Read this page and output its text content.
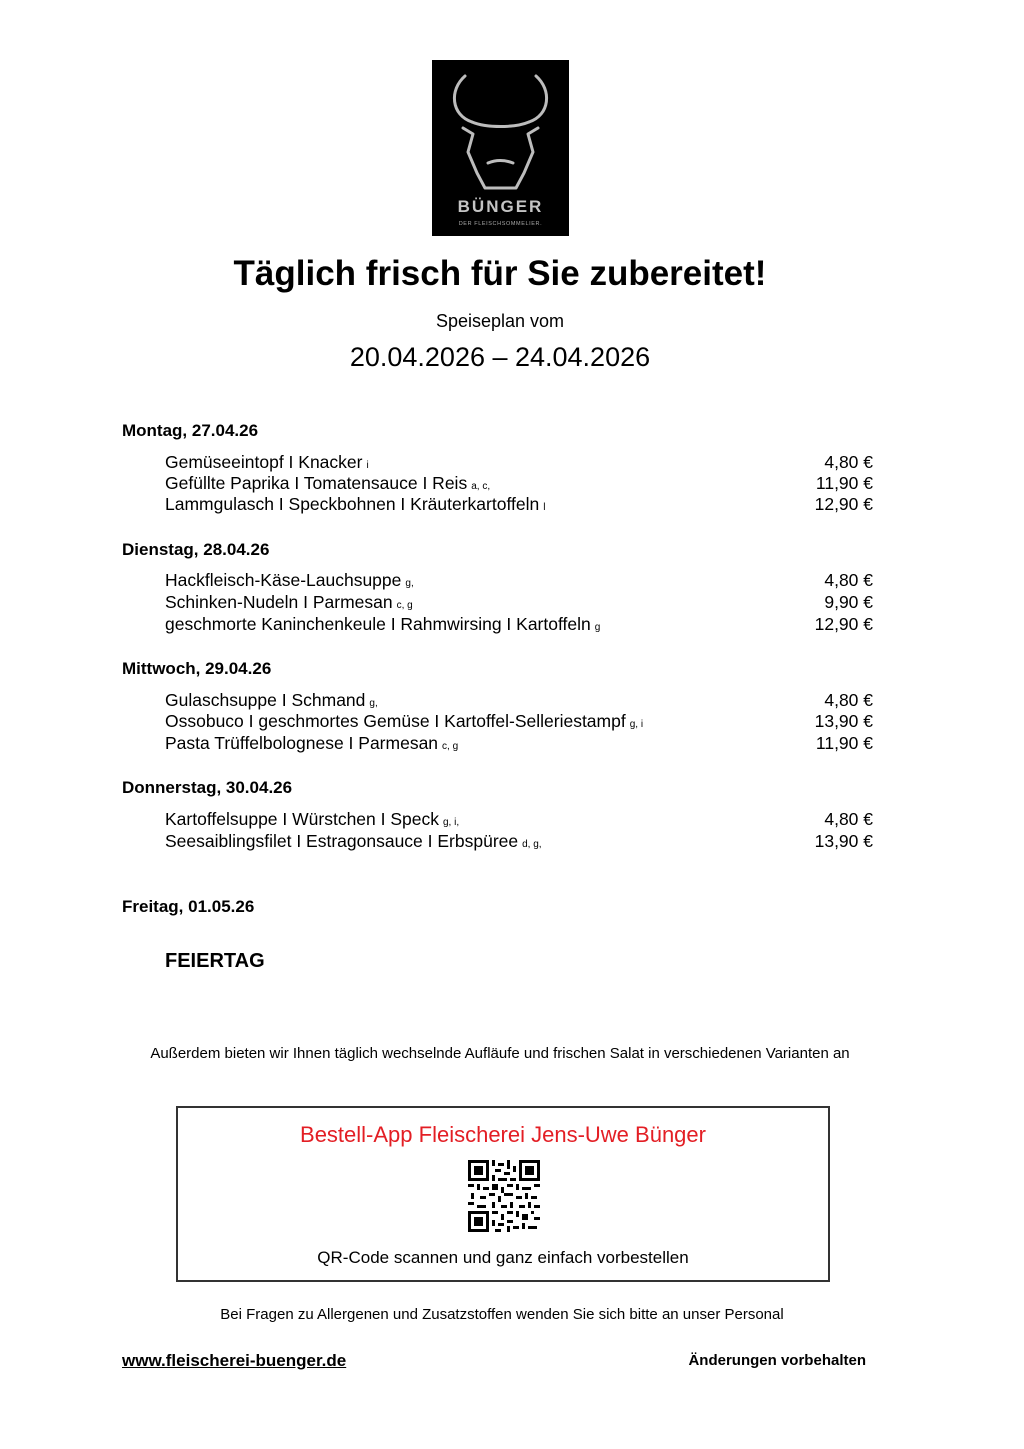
BÜNGER
DER FLEISCHSOMMELIER.
Täglich frisch für Sie zubereitet!
Speiseplan vom
20.04.2026 – 24.04.2026
Montag, 27.04.26
Gemüseeintopf I Knacker i	4,80 €
Gefüllte Paprika I Tomatensauce I Reis a, c,	11,90 €
Lammgulasch I Speckbohnen I Kräuterkartoffeln l	12,90 €
Dienstag, 28.04.26
Hackfleisch-Käse-Lauchsuppe g,	4,80 €
Schinken-Nudeln I Parmesan c, g	9,90 €
geschmorte Kaninchenkeule I Rahmwirsing I Kartoffeln g	12,90 €
Mittwoch, 29.04.26
Gulaschsuppe I Schmand g,	4,80 €
Ossobuco I geschmortes Gemüse I Kartoffel-Selleriestampf g, i	13,90 €
Pasta Trüffelbolognese I Parmesan c, g	11,90 €
Donnerstag, 30.04.26
Kartoffelsuppe I Würstchen I Speck g, i,	4,80 €
Seesaiblingsfilet I Estragonsauce I Erbspüree d, g,	13,90 €
Freitag, 01.05.26
FEIERTAG
Außerdem bieten wir Ihnen täglich wechselnde Aufläufe und frischen Salat in verschiedenen Varianten an
Bestell-App Fleischerei Jens-Uwe Bünger
QR-Code scannen und ganz einfach vorbestellen
Bei Fragen zu Allergenen und Zusatzstoffen wenden Sie sich bitte an unser Personal
www.fleischerei-buenger.de	Änderungen vorbehalten
